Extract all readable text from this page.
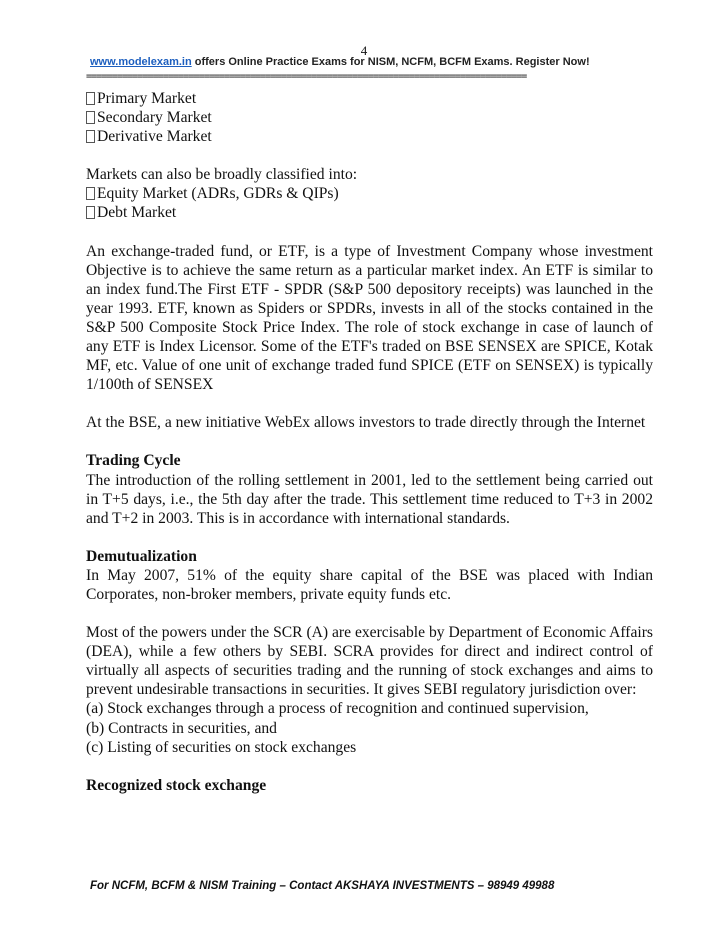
4
www.modelexam.in offers Online Practice Exams for NISM, NCFM, BCFM Exams. Register Now!
======================================================================================
Primary Market
Secondary Market
Derivative Market

Markets can also be broadly classified into:

Equity Market (ADRs, GDRs & QIPs)
Debt Market

An exchange-traded fund, or ETF, is a type of Investment Company whose investment Objective is to achieve the same return as a particular market index. An ETF is similar to an index fund.The First ETF - SPDR (S&P 500 depository receipts) was launched in the year 1993. ETF, known as Spiders or SPDRs, invests in all of the stocks contained in the S&P 500 Composite Stock Price Index. The role of stock exchange in case of launch of any ETF is Index Licensor. Some of the ETF's traded on BSE SENSEX are SPICE, Kotak MF, etc. Value of one unit of exchange traded fund SPICE (ETF on SENSEX) is typically 1/100th of SENSEX

At the BSE, a new initiative WebEx allows investors to trade directly through the Internet

Trading Cycle

The introduction of the rolling settlement in 2001, led to the settlement being carried out in T+5 days, i.e., the 5th day after the trade. This settlement time reduced to T+3 in 2002 and T+2 in 2003. This is in accordance with international standards.

Demutualization

In May 2007, 51% of the equity share capital of the BSE was placed with Indian Corporates, non-broker members, private equity funds etc.

Most of the powers under the SCR (A) are exercisable by Department of Economic Affairs (DEA), while a few others by SEBI. SCRA provides for direct and indirect control of virtually all aspects of securities trading and the running of stock exchanges and aims to prevent undesirable transactions in securities. It gives SEBI regulatory jurisdiction over:

(a) Stock exchanges through a process of recognition and continued supervision,

(b) Contracts in securities, and

(c) Listing of securities on stock exchanges

Recognized stock exchange

For NCFM, BCFM & NISM Training – Contact AKSHAYA INVESTMENTS – 98949 49988
